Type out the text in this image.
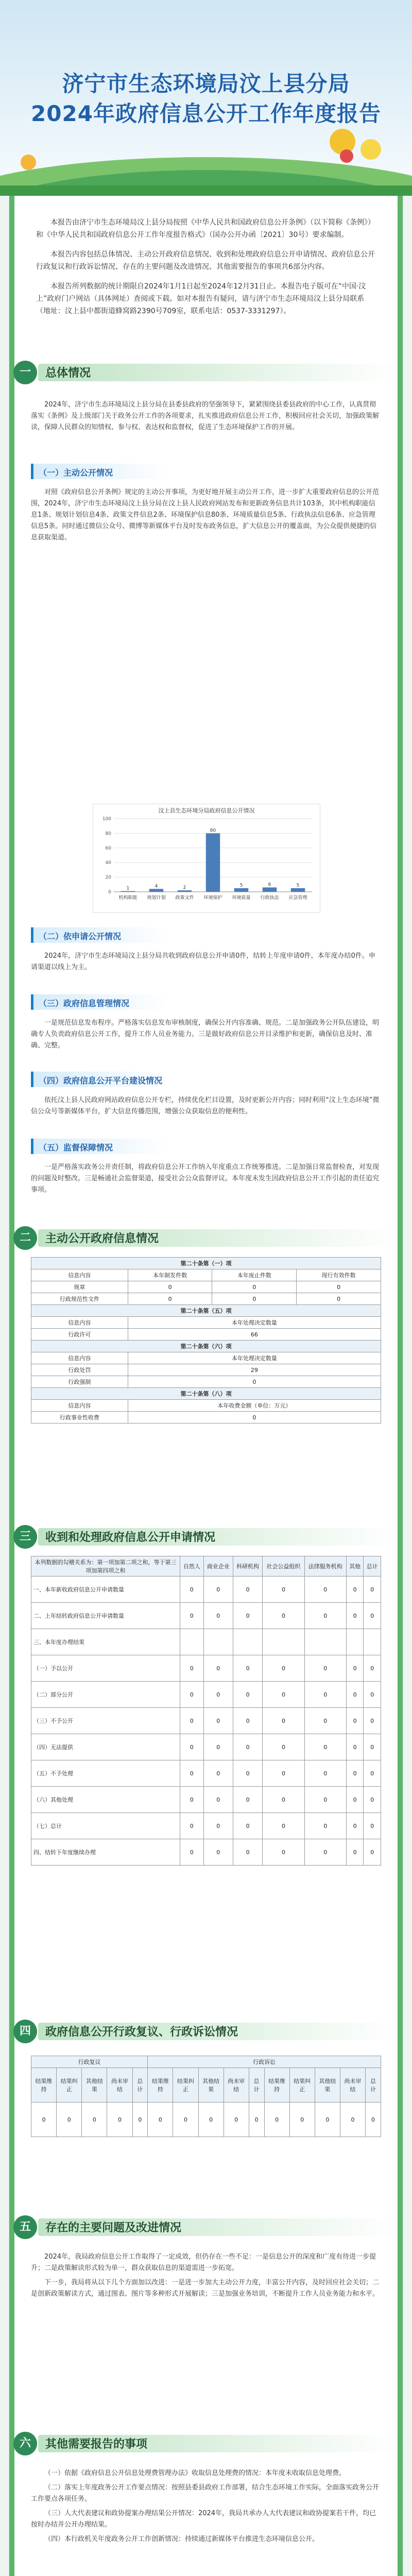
济宁市生态环境局汶上县分局
2024年政府信息公开工作年度报告

本报告由济宁市生态环境局汶上县分局按照《中华人民共和国政府信息公开条例》（以下简称《条例》）和《中华人民共和国政府信息公开工作年度报告格式》（国办公开办函〔2021〕30号）要求编制。

本报告内容包括总体情况、主动公开政府信息情况、收到和处理政府信息公开申请情况、政府信息公开行政复议和行政诉讼情况、存在的主要问题及改进情况、其他需要报告的事项共6部分内容。

本报告所列数据的统计期限自2024年1月1日起至2024年12月31日止。本报告电子版可在“中国·汶上”政府门户网站（具体网址）查阅或下载。如对本报告有疑问，请与济宁市生态环境局汶上县分局联系（地址：汶上县中都街道蜂窝路2390号709室，联系电话：0537-3331297）。

一	总体情况

2024年，济宁市生态环境局汶上县分局在县委县政府的坚强领导下，紧紧围绕县委县政府的中心工作，认真贯彻落实《条例》及上级部门关于政务公开工作的各项要求，扎实推进政府信息公开工作，积极回应社会关切，加强政策解读，保障人民群众的知情权、参与权、表达权和监督权，促进了生态环境保护工作的开展。

（一）主动公开情况

对照《政府信息公开条例》规定的主动公开事项，为更好地开展主动公开工作，进一步扩大重要政府信息的公开范围，2024年，济宁市生态环境局汶上县分局在汶上县人民政府网站发布和更新政务信息共计103条，其中机构职能信息1条、规划计划信息4条、政策文件信息2条、环境保护信息80条、环境质量信息5条、行政执法信息6条、应急管理信息5条。同时通过微信公众号、微博等新媒体平台及时发布政务信息，扩大信息公开的覆盖面，为公众提供便捷的信息获取渠道。

汶上县生态环境分局政府信息公开情况
0
20
40
60
80
100
1
机构职能
4
规划计划
2
政策文件
80
环境保护
5
环境质量
6
行政执法
5
应急管理
（二）依申请公开情况

2024年，济宁市生态环境局汶上县分局共收到政府信息公开申请0件，结转上年度申请0件，本年度办结0件。申请渠道以线上为主。

（三）政府信息管理情况

一是规范信息发布程序。严格落实信息发布审核制度，确保公开内容准确、规范。二是加强政务公开队伍建设，明确专人负责政府信息公开工作，提升工作人员业务能力。三是做好政府信息公开目录维护和更新，确保信息及时、准确、完整。

（四）政府信息公开平台建设情况

依托汶上县人民政府网站政府信息公开专栏，持续优化栏目设置，及时更新公开内容；同时利用“汶上生态环境”微信公众号等新媒体平台，扩大信息传播范围，增强公众获取信息的便利性。

（五）监督保障情况

一是严格落实政务公开责任制，将政府信息公开工作纳入年度重点工作统筹推进。二是加强日常监督检查，对发现的问题及时整改。三是畅通社会监督渠道，接受社会公众监督评议。本年度未发生因政府信息公开工作引起的责任追究事项。

二	主动公开政府信息情况
第二十条第（一）项			
信息内容	本年制发件数	本年废止件数	现行有效件数
规章	0	0	0
行政规范性文件	0	0	0
第二十条第（五）项			
信息内容	本年处理决定数量		
行政许可	66		
第二十条第（六）项			
信息内容	本年处理决定数量		
行政处罚	29		
行政强制	0		
第二十条第（八）项			
信息内容	本年收费金额（单位：万元）		
行政事业性收费	0		
三	收到和处理政府信息公开申请情况
本列数据的勾稽关系为：第一项加第二项之和，等于第三项加第四项之和	自然人	商业企业	科研机构	社会公益组织	法律服务机构	其他	总计
一、本年新收政府信息公开申请数量	0	0	0	0	0	0	0
二、上年结转政府信息公开申请数量	0	0	0	0	0	0	0
三、本年度办理结果							
（一）予以公开	0	0	0	0	0	0	0
（二）部分公开	0	0	0	0	0	0	0
（三）不予公开	0	0	0	0	0	0	0
（四）无法提供	0	0	0	0	0	0	0
（五）不予处理	0	0	0	0	0	0	0
（六）其他处理	0	0	0	0	0	0	0
（七）总计	0	0	0	0	0	0	0
四、结转下年度继续办理	0	0	0	0	0	0	0
四	政府信息公开行政复议、行政诉讼情况
行政复议					行政诉讼									
结果维持	结果纠正	其他结果	尚未审结	总计	结果维持	结果纠正	其他结果	尚未审结	总计	结果维持	结果纠正	其他结果	尚未审结	总计
0	0	0	0	0	0	0	0	0	0	0	0	0	0	0
五	存在的主要问题及改进情况

2024年，我局政府信息公开工作取得了一定成效，但仍存在一些不足：一是信息公开的深度和广度有待进一步提升；二是政策解读形式较为单一，群众获取信息的渠道需进一步拓宽。

下一步，我局将从以下几个方面加以改进：一是进一步加大主动公开力度，丰富公开内容，及时回应社会关切；二是创新政策解读方式，通过图表、图片等多种形式开展解读；三是加强业务培训，不断提升工作人员业务能力和水平。

六	其他需要报告的事项

（一）依据《政府信息公开信息处理费管理办法》收取信息处理费的情况：本年度未收取信息处理费。

（二）落实上年度政务公开工作要点情况：按照县委县政府工作部署，结合生态环境工作实际，全面落实政务公开工作要点各项任务。

（三）人大代表建议和政协提案办理结果公开情况：2024年，我局共承办人大代表建议和政协提案若干件，均已按时办结并公开办理结果。

（四）本行政机关年度政务公开工作创新情况：持续通过新媒体平台推进生态环境信息公开。
